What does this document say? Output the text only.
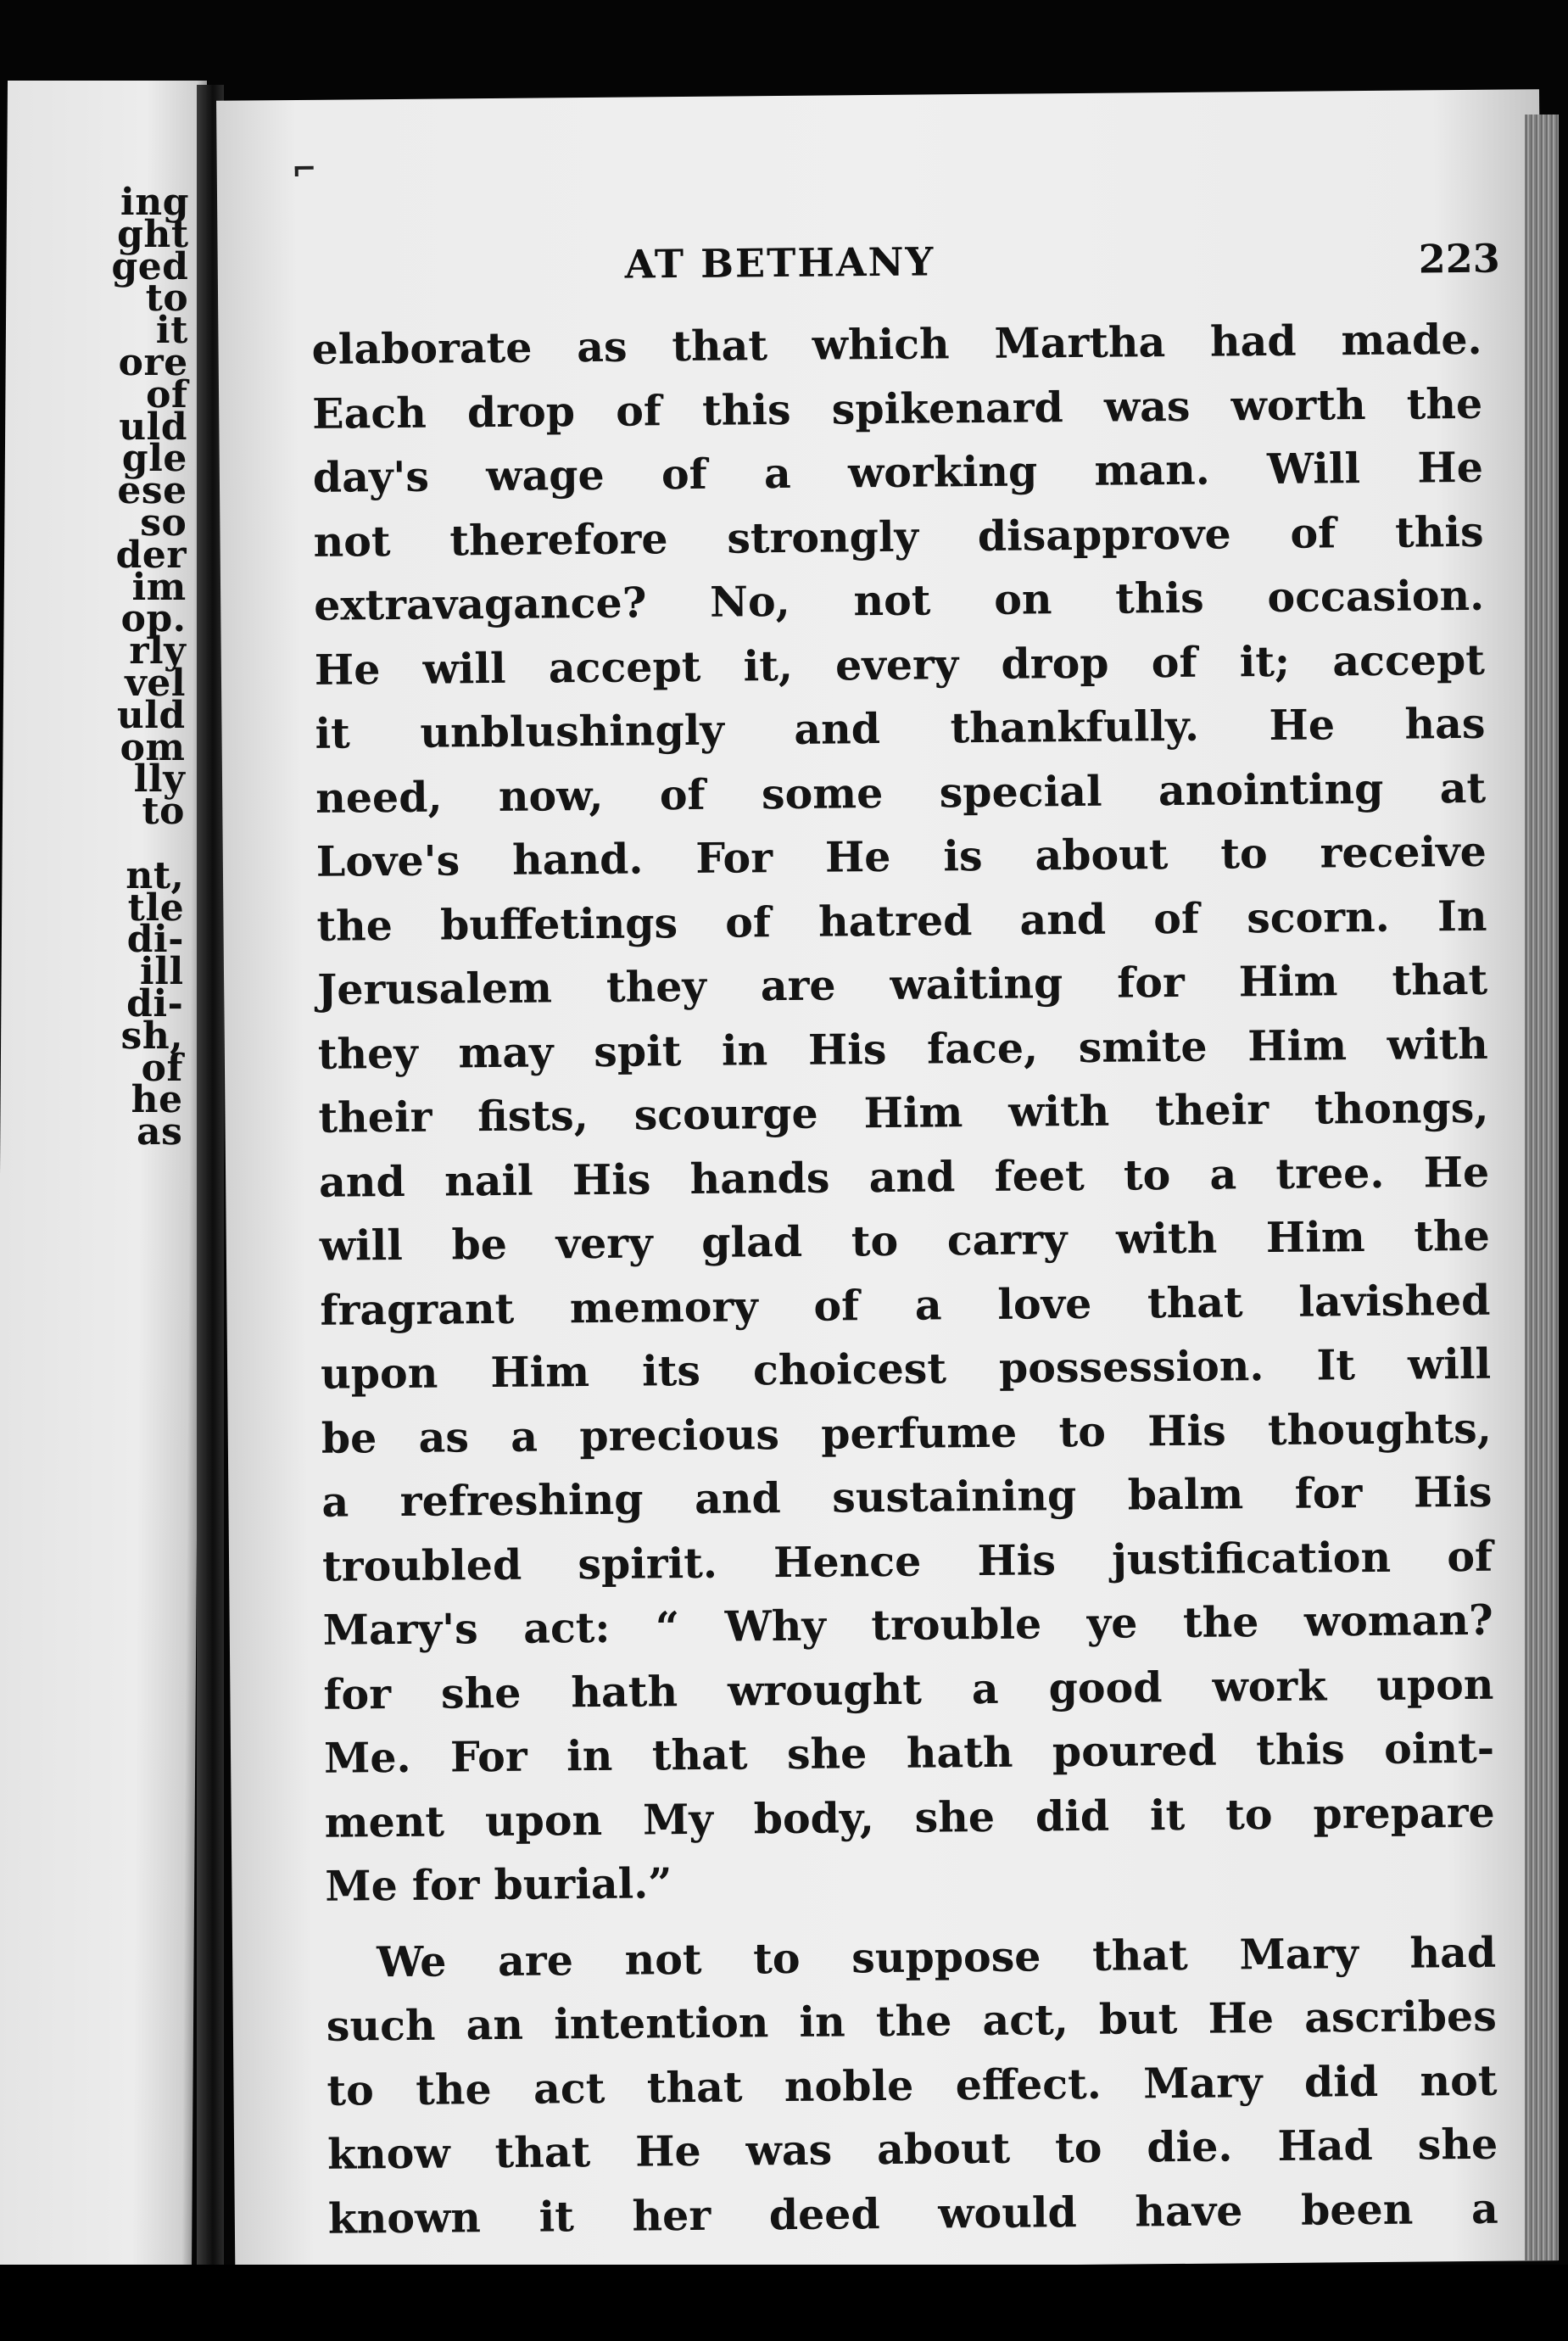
ing
ght
ged
to
it
ore
of
uld
gle
ese
so
der
im
op.
rly
vel
uld
om
lly
to
nt,
tle
di-
ill
di-
sh,
of
he
as
AT BETHANY	223
elaborate as that which Martha had made.
Each drop of this spikenard was worth the
day's wage of a working man. Will He
not therefore strongly disapprove of this
extravagance? No, not on this occasion.
He will accept it, every drop of it; accept
it unblushingly and thankfully. He has
need, now, of some special anointing at
Love's hand. For He is about to receive
the buffetings of hatred and of scorn. In
Jerusalem they are waiting for Him that
they may spit in His face, smite Him with
their fists, scourge Him with their thongs,
and nail His hands and feet to a tree. He
will be very glad to carry with Him the
fragrant memory of a love that lavished
upon Him its choicest possession. It will
be as a precious perfume to His thoughts,
a refreshing and sustaining balm for His
troubled spirit. Hence His justification of
Mary's act: “ Why trouble ye the woman?
for she hath wrought a good work upon
Me. For in that she hath poured this oint-
ment upon My body, she did it to prepare
Me for burial.”
We are not to suppose that Mary had
such an intention in the act, but He ascribes
to the act that noble effect. Mary did not
know that He was about to die. Had she
known it her deed would have been a
